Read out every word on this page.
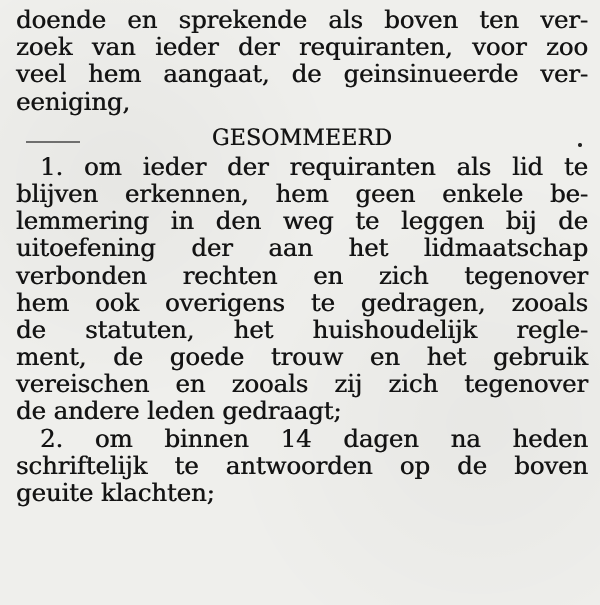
doende en sprekende als boven ten ver-
zoek van ieder der requiranten, voor zoo
veel hem aangaat, de geinsinueerde ver-
eeniging,
GESOMMEERD
1. om ieder der requiranten als lid te
blijven erkennen, hem geen enkele be-
lemmering in den weg te leggen bij de
uitoefening der aan het lidmaatschap
verbonden rechten en zich tegenover
hem ook overigens te gedragen, zooals
de statuten, het huishoudelijk regle-
ment, de goede trouw en het gebruik
vereischen en zooals zij zich tegenover
de andere leden gedraagt;
2. om binnen 14 dagen na heden
schriftelijk te antwoorden op de boven
geuite klachten;
